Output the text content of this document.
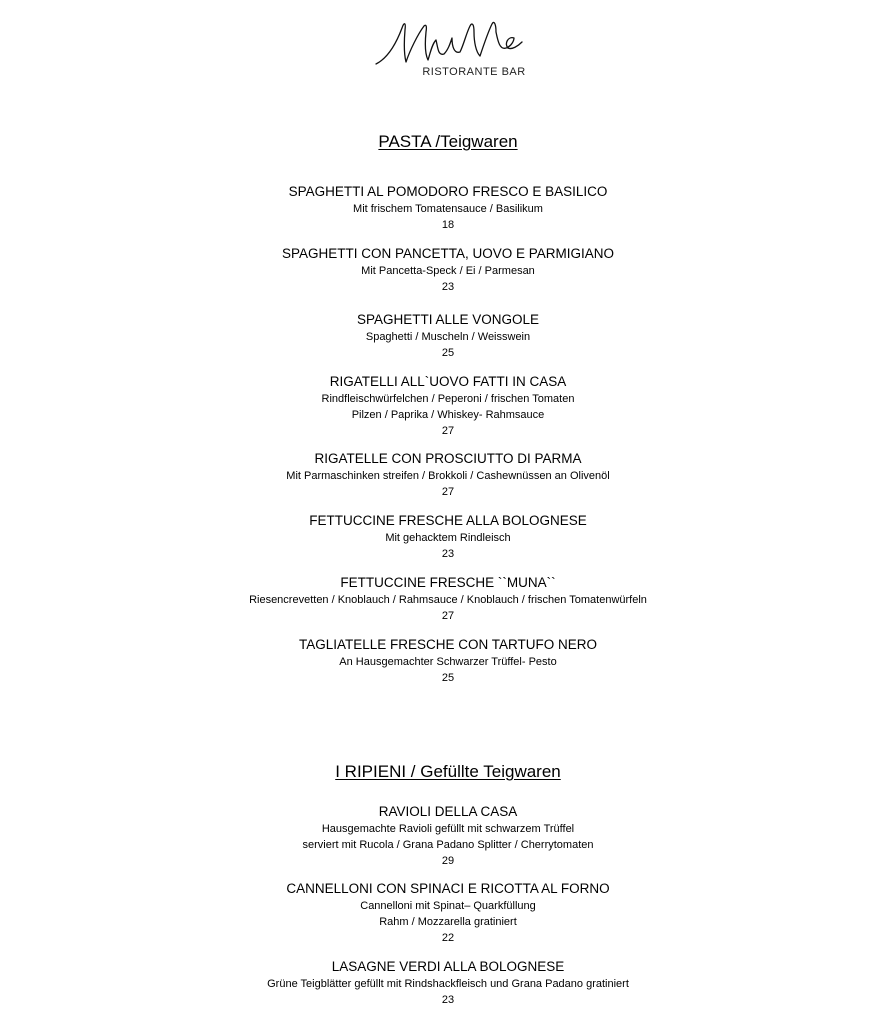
RISTORANTE BAR
PASTA /Teigwaren
SPAGHETTI AL POMODORO FRESCO E BASILICO
Mit frischem Tomatensauce / Basilikum
18
SPAGHETTI CON PANCETTA, UOVO E PARMIGIANO
Mit Pancetta-Speck / Ei / Parmesan
23
SPAGHETTI ALLE VONGOLE
Spaghetti / Muscheln / Weisswein
25
RIGATELLI ALL`UOVO FATTI IN CASA
Rindfleischwürfelchen / Peperoni / frischen Tomaten
Pilzen / Paprika / Whiskey- Rahmsauce
27
RIGATELLE CON PROSCIUTTO DI PARMA
Mit Parmaschinken streifen / Brokkoli / Cashewnüssen an Olivenöl
27
FETTUCCINE FRESCHE ALLA BOLOGNESE
Mit gehacktem Rindleisch
23
FETTUCCINE FRESCHE ``MUNA``
Riesencrevetten / Knoblauch / Rahmsauce / Knoblauch / frischen Tomatenwürfeln
27
TAGLIATELLE FRESCHE CON TARTUFO NERO
An Hausgemachter Schwarzer Trüffel- Pesto
25
I RIPIENI / Gefüllte Teigwaren
RAVIOLI DELLA CASA
Hausgemachte Ravioli gefüllt mit schwarzem Trüffel
serviert mit Rucola / Grana Padano Splitter / Cherrytomaten
29
CANNELLONI CON SPINACI E RICOTTA AL FORNO
Cannelloni mit Spinat– Quarkfüllung
Rahm / Mozzarella gratiniert
22
LASAGNE VERDI ALLA BOLOGNESE
Grüne Teigblätter gefüllt mit Rindshackfleisch und Grana Padano gratiniert
23
